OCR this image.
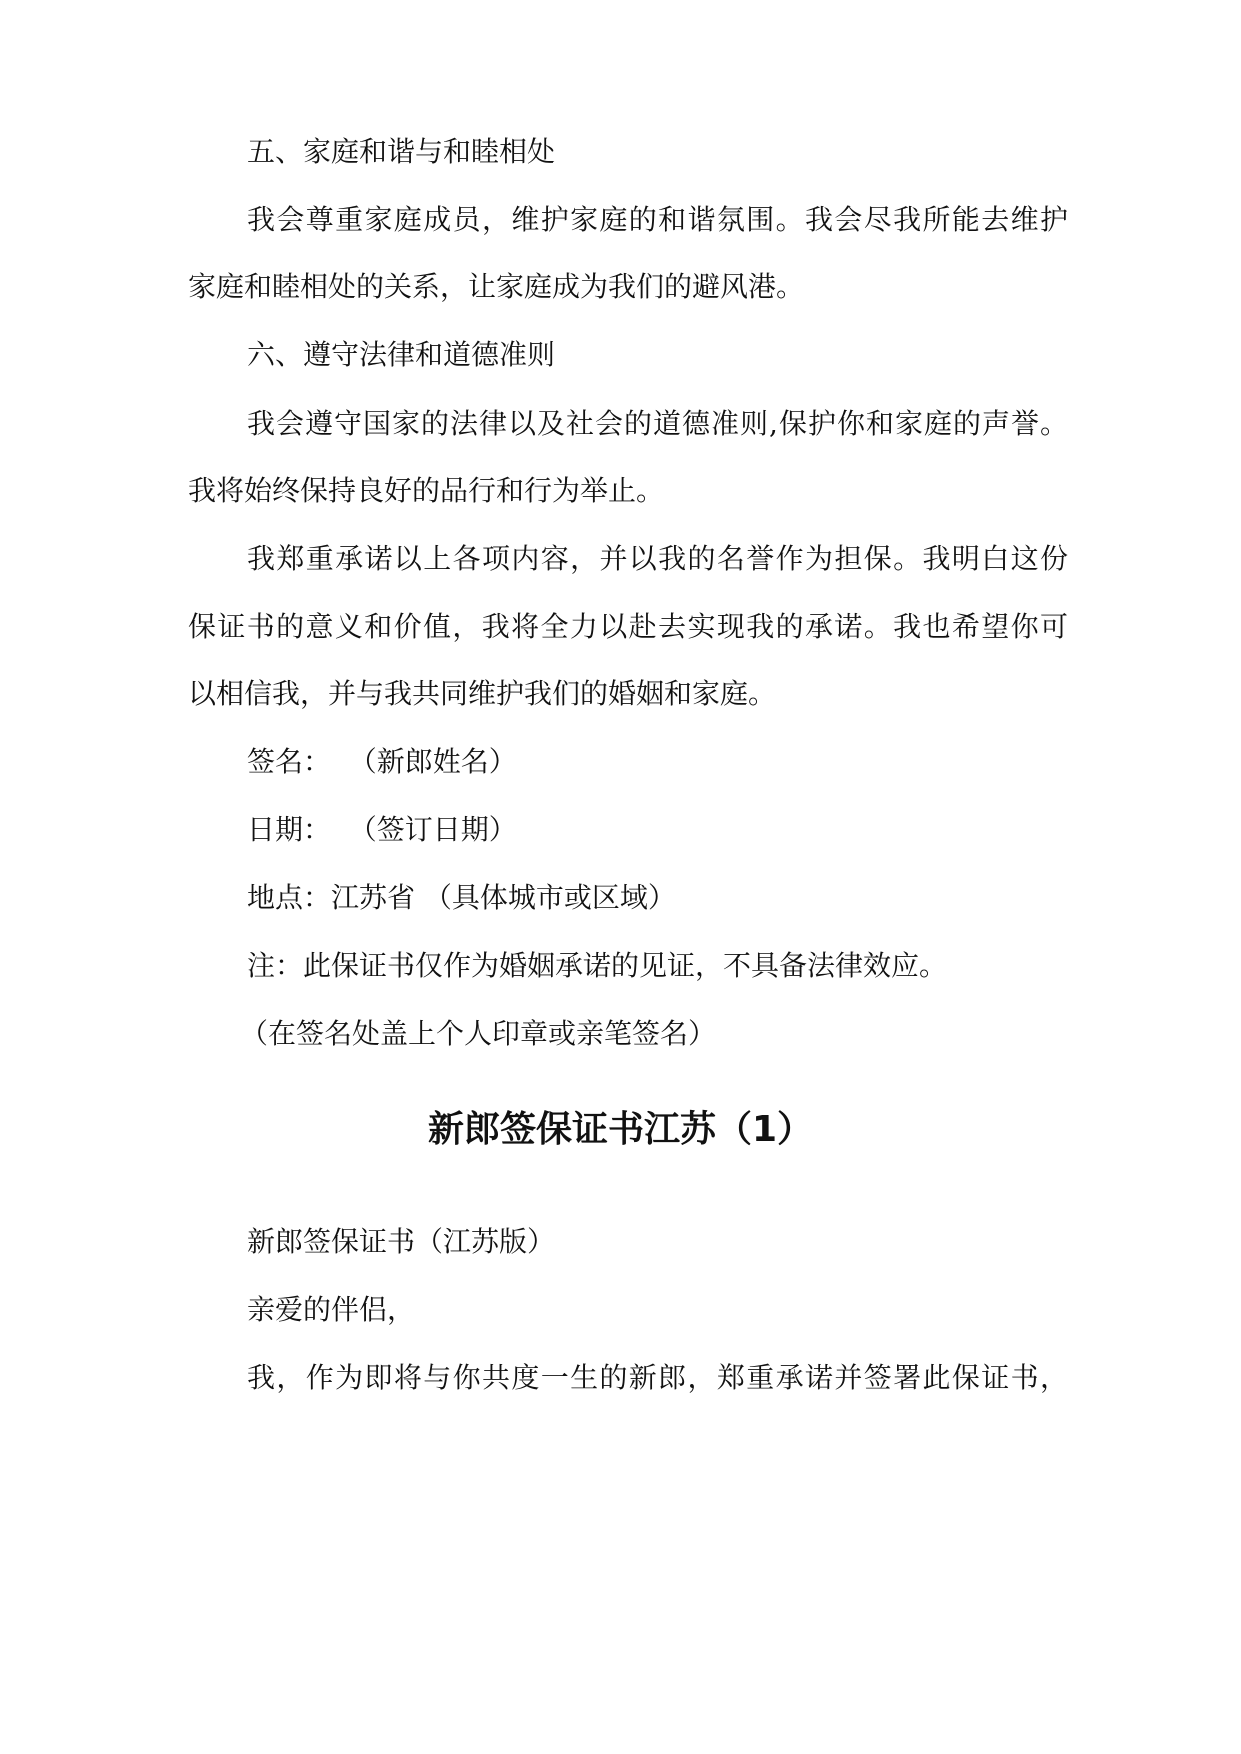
五、家庭和谐与和睦相处
我会尊重家庭成员，维护家庭的和谐氛围。我会尽我所能去维护
家庭和睦相处的关系，让家庭成为我们的避风港。
六、遵守法律和道德准则
我会遵守国家的法律以及社会的道德准则,保护你和家庭的声誉。
我将始终保持良好的品行和行为举止。
我郑重承诺以上各项内容，并以我的名誉作为担保。我明白这份
保证书的意义和价值，我将全力以赴去实现我的承诺。我也希望你可
以相信我，并与我共同维护我们的婚姻和家庭。
签名：  （新郎姓名）
日期：  （签订日期）
地点：江苏省 （具体城市或区域）
注：此保证书仅作为婚姻承诺的见证，不具备法律效应。
（在签名处盖上个人印章或亲笔签名）
新郎签保证书江苏（1）
新郎签保证书（江苏版）
亲爱的伴侣，
我，作为即将与你共度一生的新郎，郑重承诺并签署此保证书，
